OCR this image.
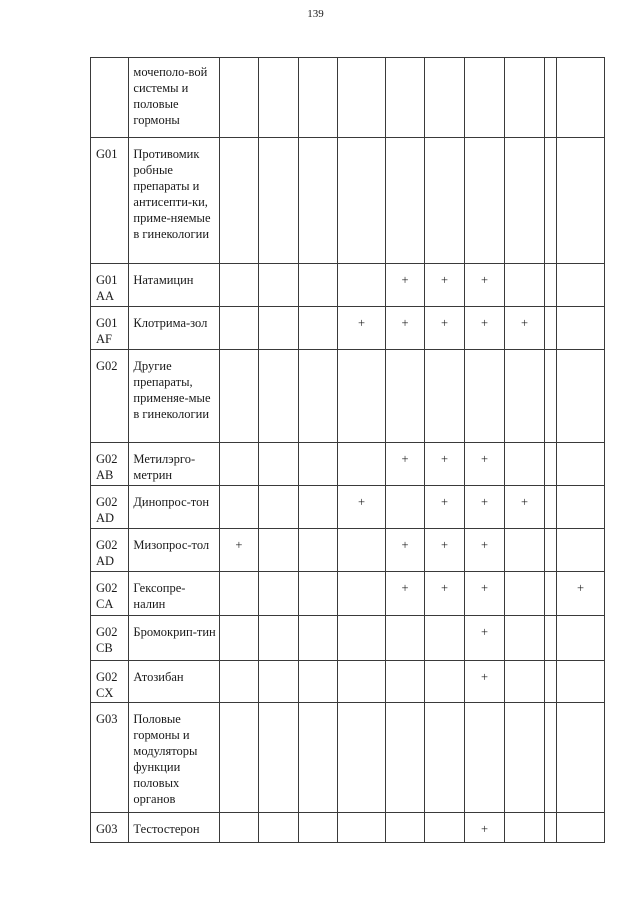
139
	мочеполо-вой системы и половые гормоны										
G01	Противомик робные препараты и антисепти-ки, приме-няемые в гинекологии										
G01 AA	Натамицин					+	+	+			
G01 AF	Клотрима-зол				+	+	+	+	+		
G02	Другие препараты, применяе-мые в гинекологии										
G02 AB	Метилэрго-метрин					+	+	+			
G02 AD	Динопрос-тон				+		+	+	+		
G02 AD	Мизопрос-тол	+				+	+	+			
G02 CA	Гексопре-налин					+	+	+			+
G02 CB	Бромокрип-тин							+			
G02 CX	Атозибан							+			
G03	Половые гормоны и модуляторы функции половых органов										
G03	Тестостерон							+			
